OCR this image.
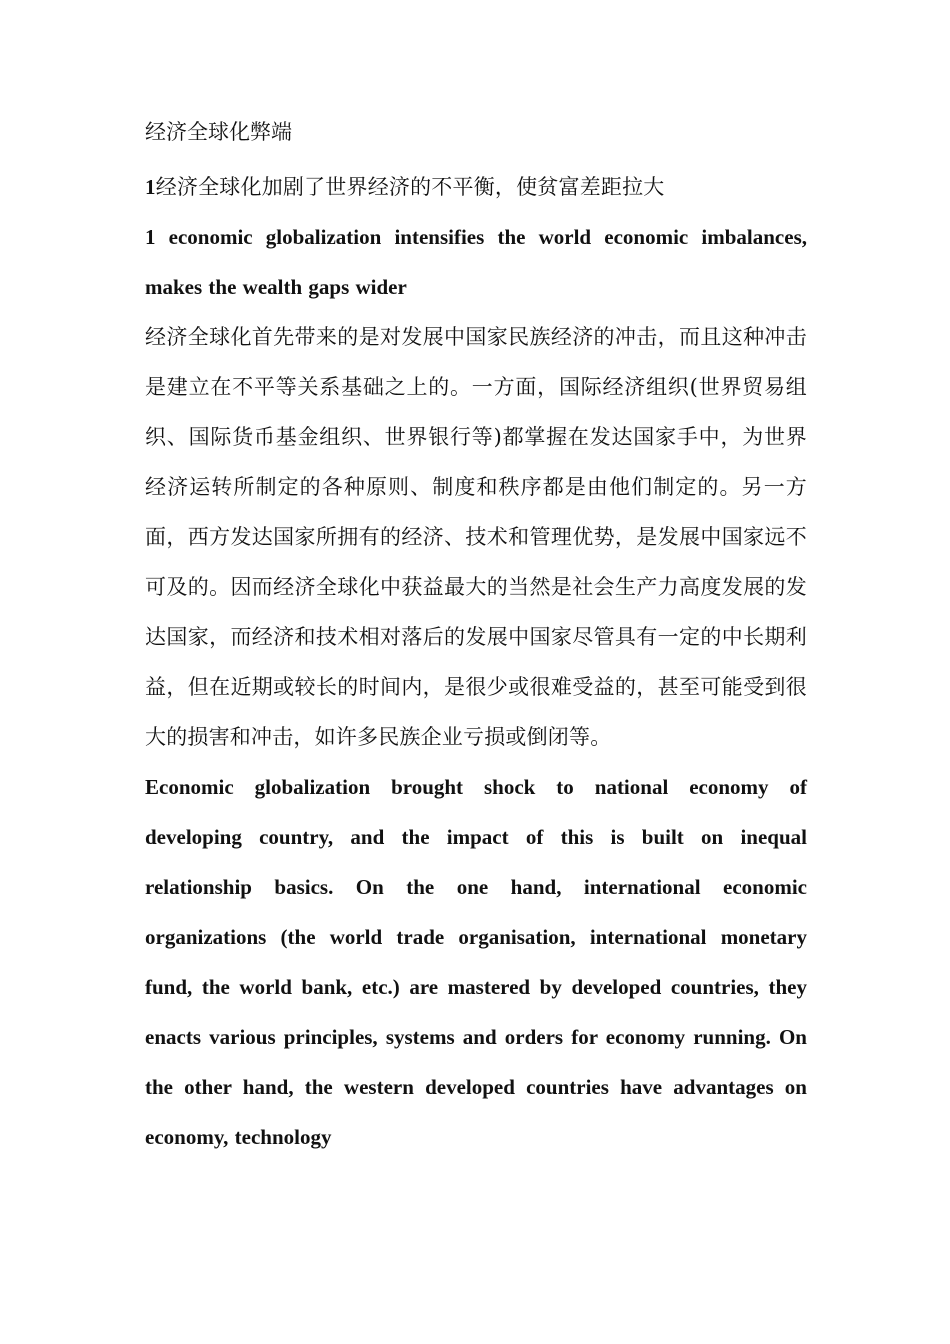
经济全球化弊端

1经济全球化加剧了世界经济的不平衡，使贫富差距拉大

1 economic globalization intensifies the world economic imbalances, makes the wealth gaps wider

经济全球化首先带来的是对发展中国家民族经济的冲击，而且这种冲击是建立在不平等关系基础之上的。一方面，国际经济组织(世界贸易组织、国际货币基金组织、世界银行等)都掌握在发达国家手中，为世界经济运转所制定的各种原则、制度和秩序都是由他们制定的。另一方面，西方发达国家所拥有的经济、技术和管理优势，是发展中国家远不可及的。因而经济全球化中获益最大的当然是社会生产力高度发展的发达国家，而经济和技术相对落后的发展中国家尽管具有一定的中长期利益，但在近期或较长的时间内，是很少或很难受益的，甚至可能受到很大的损害和冲击，如许多民族企业亏损或倒闭等。

Economic globalization brought shock to national economy of developing country, and the impact of this is built on inequal relationship basics. On the one hand, international economic organizations (the world trade organisation, international monetary fund, the world bank, etc.) are mastered by developed countries, they enacts various principles, systems and orders for economy running. On the other hand, the western developed countries have advantages on economy, technology
